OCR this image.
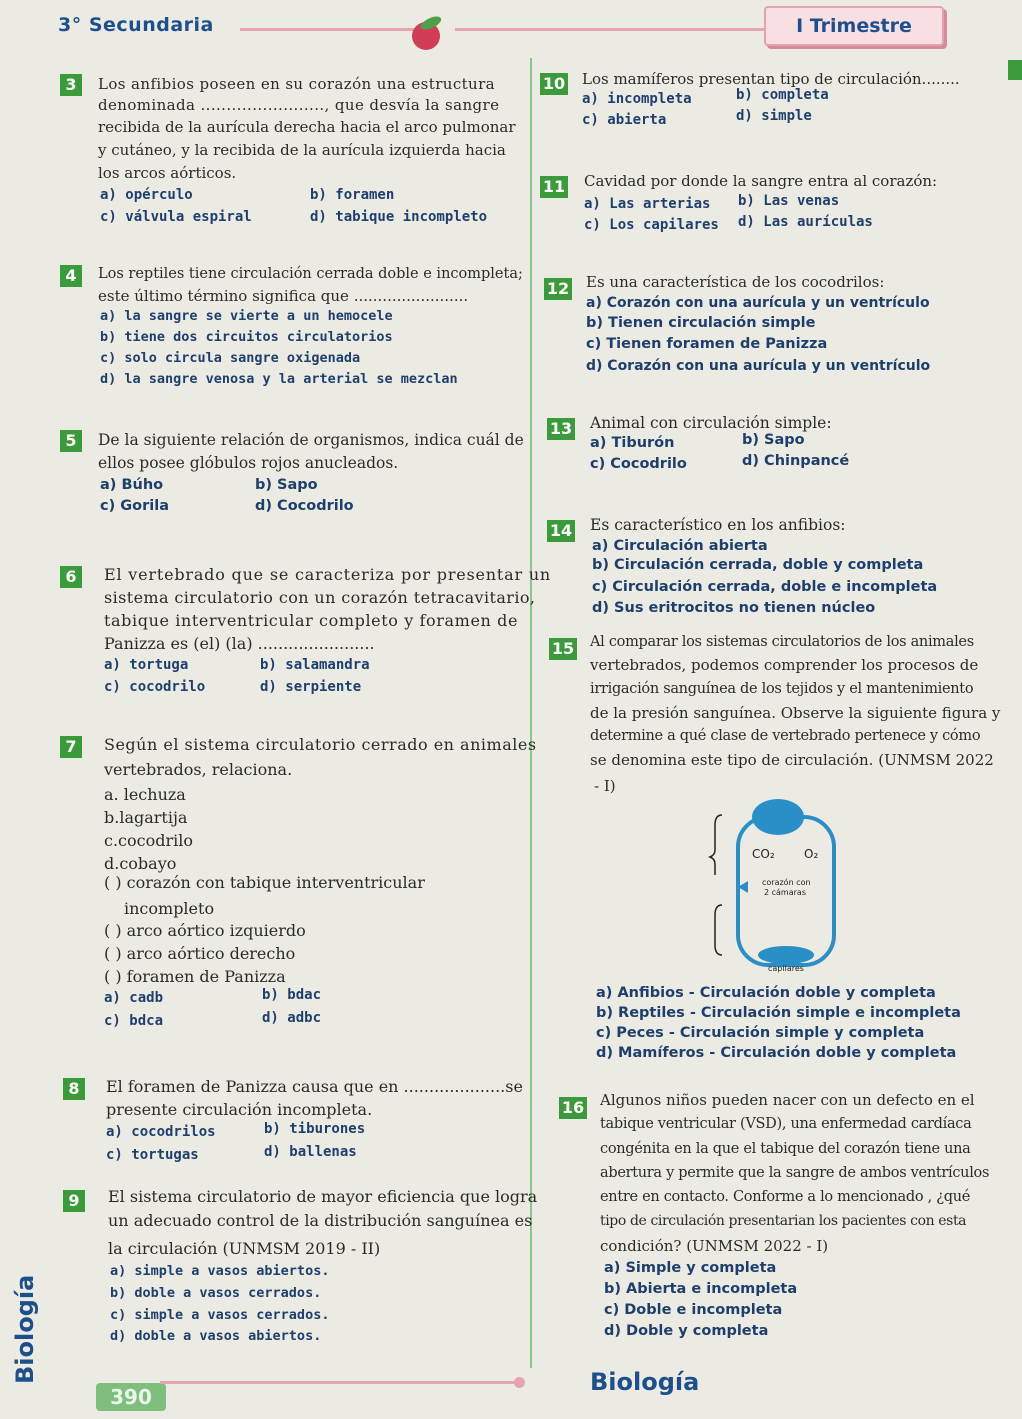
3° Secundaria	I Trimestre
3	Los anfibios poseen en su corazón una estructura
denominada ........................, que desvía la sangre
recibida de la aurícula derecha hacia el arco pulmonar
y cutáneo, y la recibida de la aurícula izquierda hacia
los arcos aórticos.
a) opérculo	b) foramen
c) válvula espiral	d) tabique incompleto
4	Los reptiles tiene circulación cerrada doble e incompleta;
este último término significa que ........................
a) la sangre se vierte a un hemocele
b) tiene dos circuitos circulatorios
c) solo circula sangre oxigenada
d) la sangre venosa y la arterial se mezclan
5	De la siguiente relación de organismos, indica cuál de
ellos posee glóbulos rojos anucleados.
a) Búho	b) Sapo
c) Gorila	d) Cocodrilo
6	El vertebrado que se caracteriza por presentar un
sistema circulatorio con un corazón tetracavitario,
tabique interventricular completo y foramen de
Panizza es (el) (la) .......................
a) tortuga	b) salamandra
c) cocodrilo	d) serpiente
7	Según el sistema circulatorio cerrado en animales
vertebrados, relaciona.
a. lechuza
b.lagartija
c.cocodrilo
d.cobayo
( ) corazón con tabique interventricular
incompleto
( ) arco aórtico izquierdo
( ) arco aórtico derecho
( ) foramen de Panizza
a) cadb	b) bdac
c) bdca	d) adbc
8	El foramen de Panizza causa que en ....................se
presente circulación incompleta.
a) cocodrilos	b) tiburones
c) tortugas	d) ballenas
9	El sistema circulatorio de mayor eficiencia que logra
un adecuado control de la distribución sanguínea es
la circulación (UNMSM 2019 - II)
a) simple a vasos abiertos.
b) doble a vasos cerrados.
c) simple a vasos cerrados.
d) doble a vasos abiertos.
10 Los mamíferos presentan tipo de circulación........
a) incompleta	b) completa
c) abierta	d) simple
11 Cavidad por donde la sangre entra al corazón:
a) Las arterias b) Las venas
c) Los capilares d) Las aurículas
12 Es una característica de los cocodrilos:
a) Corazón con una aurícula y un ventrículo
b) Tienen circulación simple
c) Tienen foramen de Panizza
d) Corazón con una aurícula y un ventrículo
13 Animal con circulación simple:
a) Tiburón	b) Sapo
c) Cocodrilo	d) Chinpancé
14 Es característico en los anfibios:
a) Circulación abierta
b) Circulación cerrada, doble y completa
c) Circulación cerrada, doble e incompleta
d) Sus eritrocitos no tienen núcleo
15 Al comparar los sistemas circulatorios de los animales
vertebrados, podemos comprender los procesos de
irrigación sanguínea de los tejidos y el mantenimiento
de la presión sanguínea. Observe la siguiente figura y
determine a qué clase de vertebrado pertenece y cómo
se denomina este tipo de circulación. (UNMSM 2022
- I)
CO₂ O₂
corazón con
2 cámaras
capilares
a) Anfibios - Circulación doble y completa
b) Reptiles - Circulación simple e incompleta
c) Peces - Circulación simple y completa
d) Mamíferos - Circulación doble y completa
16 Algunos niños pueden nacer con un defecto en el
tabique ventricular (VSD), una enfermedad cardíaca
congénita en la que el tabique del corazón tiene una
abertura y permite que la sangre de ambos ventrículos
entre en contacto. Conforme a lo mencionado , ¿qué
tipo de circulación presentarian los pacientes con esta
condición? (UNMSM 2022 - I)
a) Simple y completa
b) Abierta e incompleta
c) Doble e incompleta
d) Doble y completa
Biología
390
Biología
